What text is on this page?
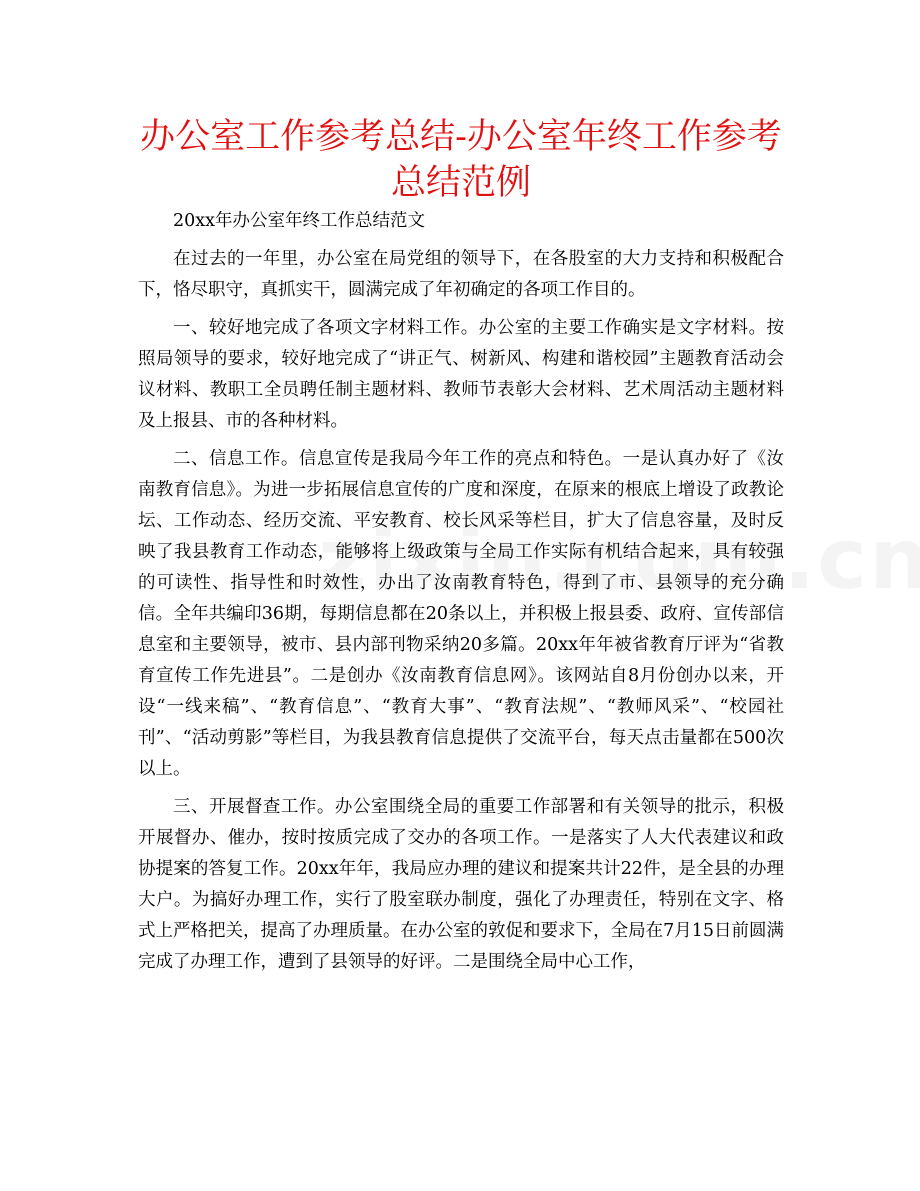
办公室工作参考总结-办公室年终工作参考总结范例

20xx年办公室年终工作总结范文

在过去的一年里，办公室在局党组的领导下，在各股室的大力支持和积极配合下，恪尽职守，真抓实干，圆满完成了年初确定的各项工作目的。

一、较好地完成了各项文字材料工作。办公室的主要工作确实是文字材料。按照局领导的要求，较好地完成了“讲正气、树新风、构建和谐校园”主题教育活动会议材料、教职工全员聘任制主题材料、教师节表彰大会材料、艺术周活动主题材料及上报县、市的各种材料。

二、信息工作。信息宣传是我局今年工作的亮点和特色。一是认真办好了《汝南教育信息》。为进一步拓展信息宣传的广度和深度，在原来的根底上增设了政教论坛、工作动态、经历交流、平安教育、校长风采等栏目，扩大了信息容量，及时反映了我县教育工作动态，能够将上级政策与全局工作实际有机结合起来，具有较强的可读性、指导性和时效性，办出了汝南教育特色，得到了市、县领导的充分确信。全年共编印36期，每期信息都在20条以上，并积极上报县委、政府、宣传部信息室和主要领导，被市、县内部刊物采纳20多篇。20xx年年被省教育厅评为“省教育宣传工作先进县”。二是创办《汝南教育信息网》。该网站自8月份创办以来，开设“一线来稿”、“教育信息”、“教育大事”、“教育法规”、“教师风采”、“校园社刊”、“活动剪影”等栏目，为我县教育信息提供了交流平台，每天点击量都在500次以上。

三、开展督查工作。办公室围绕全局的重要工作部署和有关领导的批示，积极开展督办、催办，按时按质完成了交办的各项工作。一是落实了人大代表建议和政协提案的答复工作。20xx年年，我局应办理的建议和提案共计22件，是全县的办理大户。为搞好办理工作，实行了股室联办制度，强化了办理责任，特别在文字、格式上严格把关，提高了办理质量。在办公室的敦促和要求下，全局在7月15日前圆满完成了办理工作，遭到了县领导的好评。二是围绕全局中心工作，
